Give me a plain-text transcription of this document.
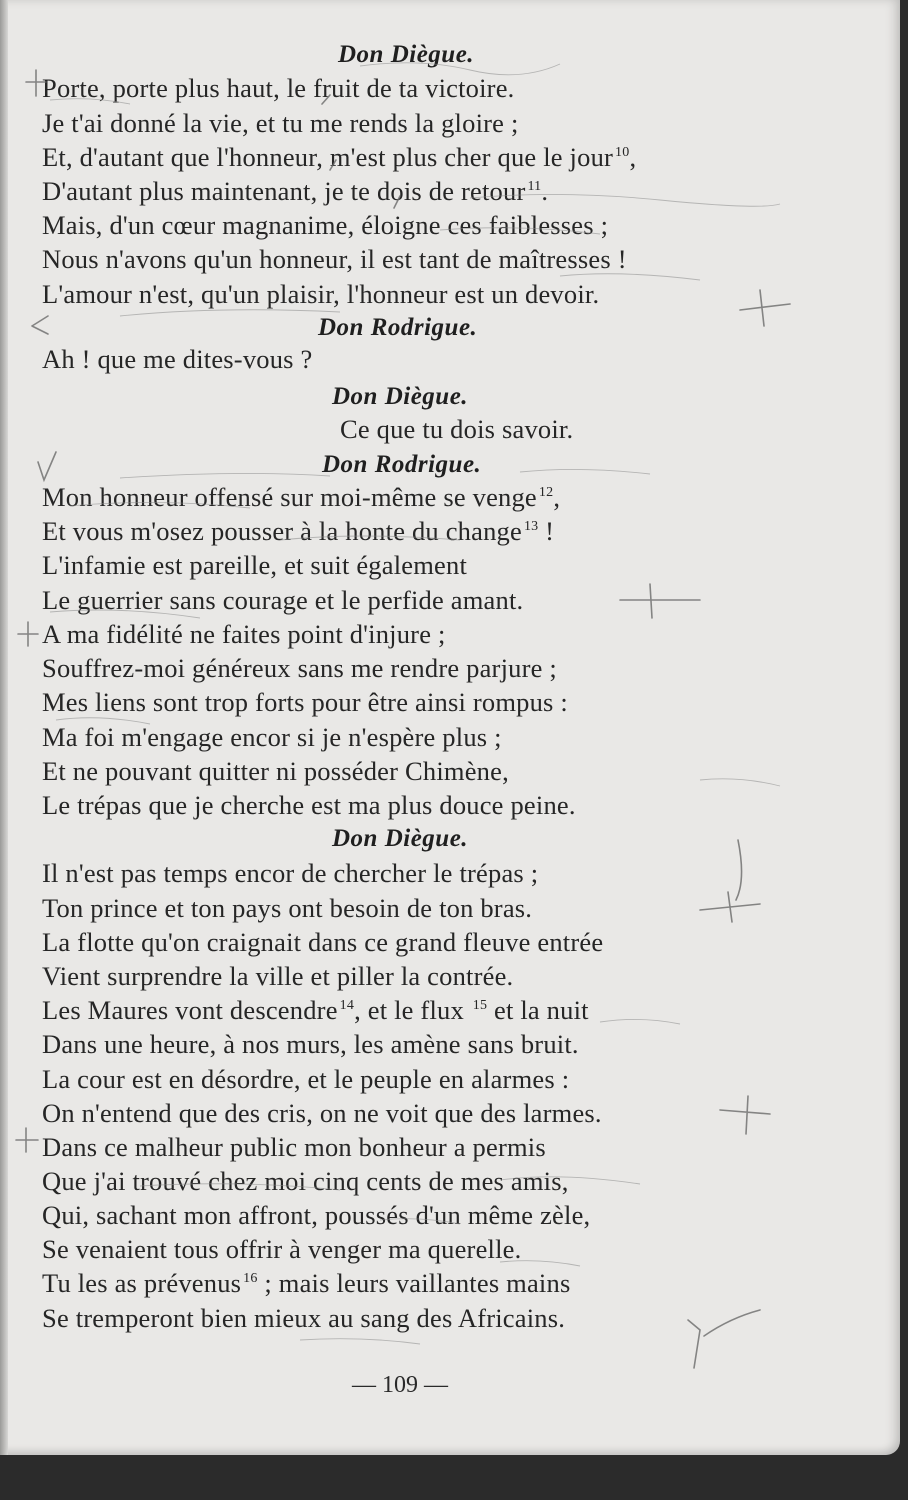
Don Diègue.
Porte, porte plus haut, le fruit de ta victoire.
Je t'ai donné la vie, et tu me rends la gloire ;
Et, d'autant que l'honneur, m'est plus cher que le jour $^{10}$,
D'autant plus maintenant, je te dois de retour $^{11}$.
Mais, d'un cœur magnanime, éloigne ces faiblesses ;
Nous n'avons qu'un honneur, il est tant de maîtresses !
L'amour n'est, qu'un plaisir, l'honneur est un devoir.
Don Rodrigue.
Ah ! que me dites-vous ?
Don Diègue.
Ce que tu dois savoir.
Don Rodrigue.
Mon honneur offensé sur moi-même se venge $^{12}$,
Et vous m'osez pousser à la honte du change $^{13}$ !
L'infamie est pareille, et suit également
Le guerrier sans courage et le perfide amant.
A ma fidélité ne faites point d'injure ;
Souffrez-moi généreux sans me rendre parjure ;
Mes liens sont trop forts pour être ainsi rompus :
Ma foi m'engage encor si je n'espère plus ;
Et ne pouvant quitter ni posséder Chimène,
Le trépas que je cherche est ma plus douce peine.
Don Diègue.
Il n'est pas temps encor de chercher le trépas ;
Ton prince et ton pays ont besoin de ton bras.
La flotte qu'on craignait dans ce grand fleuve entrée
Vient surprendre la ville et piller la contrée.
Les Maures vont descendre $^{14}$, et le flux $^{15}$ et la nuit
Dans une heure, à nos murs, les amène sans bruit.
La cour est en désordre, et le peuple en alarmes :
On n'entend que des cris, on ne voit que des larmes.
Dans ce malheur public mon bonheur a permis
Que j'ai trouvé chez moi cinq cents de mes amis,
Qui, sachant mon affront, poussés d'un même zèle,
Se venaient tous offrir à venger ma querelle.
Tu les as prévenus $^{16}$ ; mais leurs vaillantes mains
Se tremperont bien mieux au sang des Africains.
— 109 —
